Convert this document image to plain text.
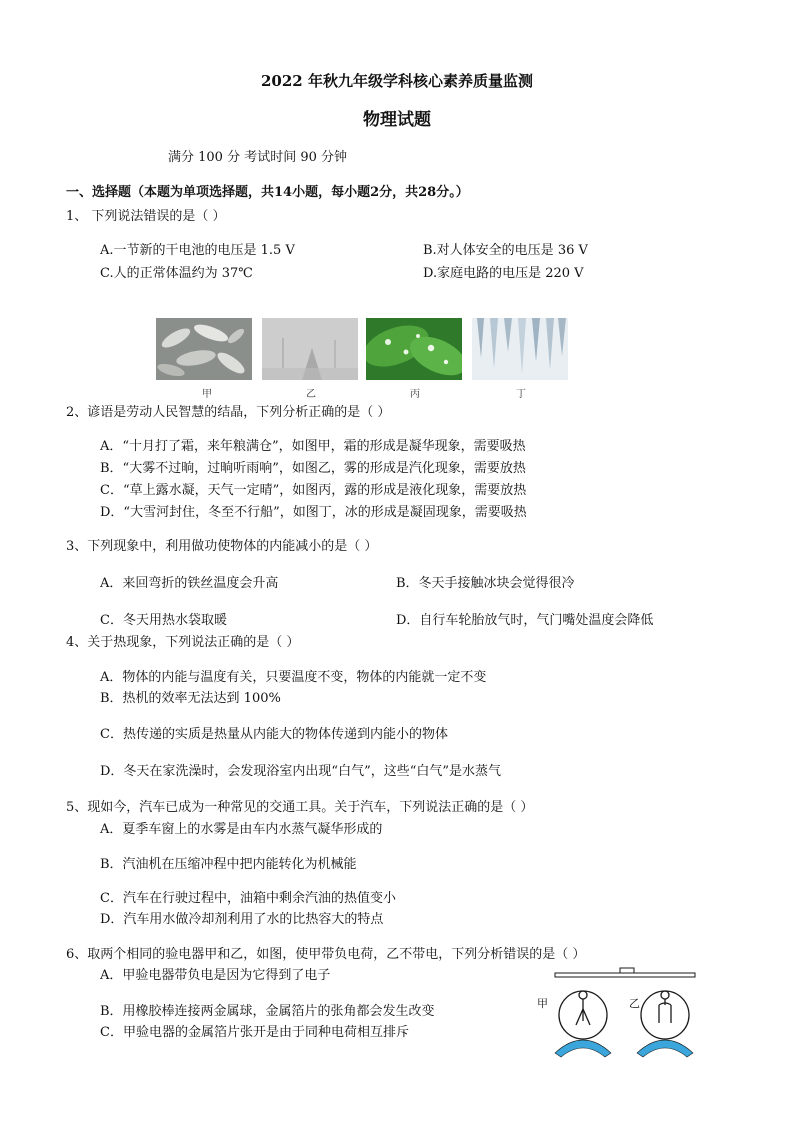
2022 年秋九年级学科核心素养质量监测
物理试题
满分 100 分 考试时间 90 分钟
一、选择题（本题为单项选择题，共14小题，每小题2分，共28分。）
1、 下列说法错误的是（ ）
A.一节新的干电池的电压是 1.5 V	B.对人体安全的电压是 36 V
C.人的正常体温约为 37℃	D.家庭电路的电压是 220 V
甲	乙	丙	丁
2、谚语是劳动人民智慧的结晶，下列分析正确的是（ ）
A．“十月打了霜，来年粮满仓”，如图甲，霜的形成是凝华现象，需要吸热
B．“大雾不过晌，过晌听雨响”，如图乙，雾的形成是汽化现象，需要放热
C．“草上露水凝，天气一定晴”，如图丙，露的形成是液化现象，需要放热
D．“大雪河封住，冬至不行船”，如图丁，冰的形成是凝固现象，需要吸热
3、下列现象中，利用做功使物体的内能减小的是（ ）
A．来回弯折的铁丝温度会升高	B．冬天手接触冰块会觉得很冷
C．冬天用热水袋取暖	D．自行车轮胎放气时，气门嘴处温度会降低
4、关于热现象，下列说法正确的是（ ）
A．物体的内能与温度有关，只要温度不变，物体的内能就一定不变
B．热机的效率无法达到 100%
C．热传递的实质是热量从内能大的物体传递到内能小的物体
D．冬天在家洗澡时，会发现浴室内出现“白气”，这些“白气”是水蒸气
5、现如今，汽车已成为一种常见的交通工具。关于汽车，下列说法正确的是（ ）
A．夏季车窗上的水雾是由车内水蒸气凝华形成的
B．汽油机在压缩冲程中把内能转化为机械能
C．汽车在行驶过程中，油箱中剩余汽油的热值变小
D．汽车用水做冷却剂利用了水的比热容大的特点
6、取两个相同的验电器甲和乙，如图，使甲带负电荷，乙不带电，下列分析错误的是（ ）
A．甲验电器带负电是因为它得到了电子
B．用橡胶棒连接两金属球，金属箔片的张角都会发生改变
C．甲验电器的金属箔片张开是由于同种电荷相互排斥
甲	乙
